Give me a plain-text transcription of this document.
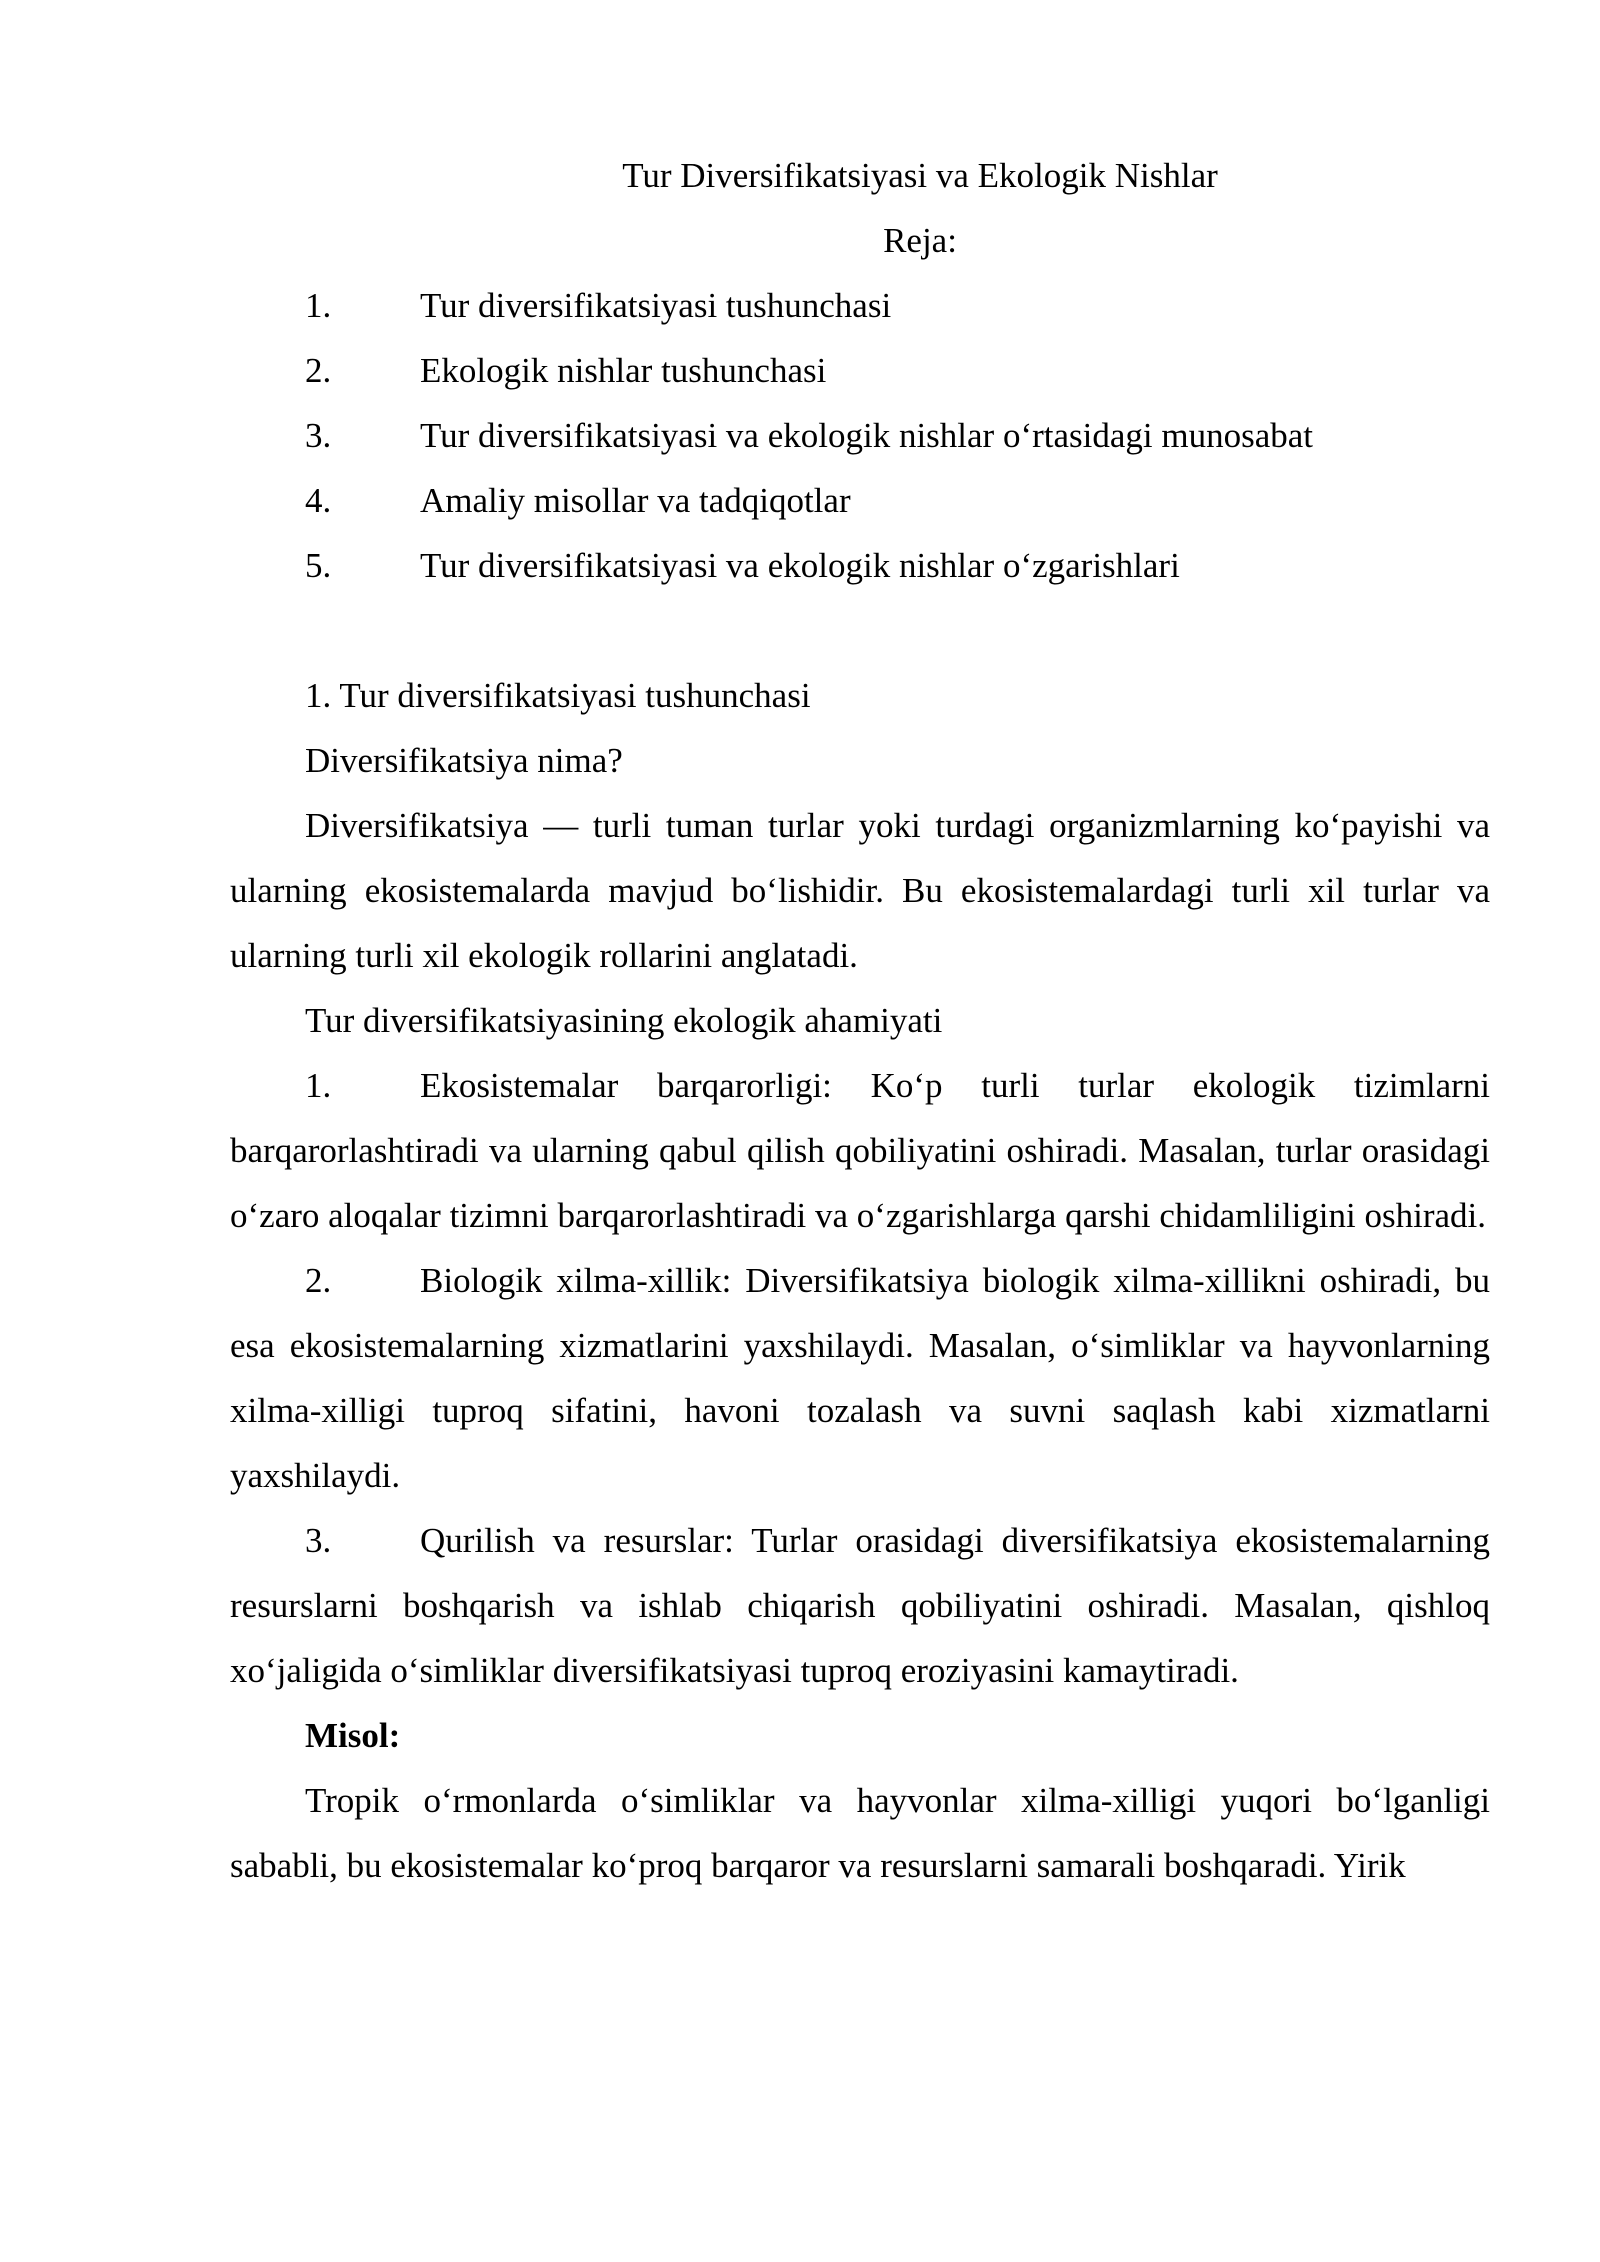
Tur Diversifikatsiyasi va Ekologik Nishlar

Reja:

1.	Tur diversifikatsiyasi tushunchasi
2.	Ekologik nishlar tushunchasi
3.	Tur diversifikatsiyasi va ekologik nishlar o‘rtasidagi munosabat
4.	Amaliy misollar va tadqiqotlar
5.	Tur diversifikatsiyasi va ekologik nishlar o‘zgarishlari

1. Tur diversifikatsiyasi tushunchasi

Diversifikatsiya nima?

Diversifikatsiya — turli tuman turlar yoki turdagi organizmlarning ko‘payishi va ularning ekosistemalarda mavjud bo‘lishidir. Bu ekosistemalardagi turli xil turlar va ularning turli xil ekologik rollarini anglatadi.

Tur diversifikatsiyasining ekologik ahamiyati

1.	Ekosistemalar barqarorligi: Ko‘p turli turlar ekologik tizimlarni barqarorlashtiradi va ularning qabul qilish qobiliyatini oshiradi. Masalan, turlar orasidagi o‘zaro aloqalar tizimni barqarorlashtiradi va o‘zgarishlarga qarshi chidamliligini oshiradi.

2.	Biologik xilma-xillik: Diversifikatsiya biologik xilma-xillikni oshiradi, bu esa ekosistemalarning xizmatlarini yaxshilaydi. Masalan, o‘simliklar va hayvonlarning xilma-xilligi tuproq sifatini, havoni tozalash va suvni saqlash kabi xizmatlarni yaxshilaydi.

3.	Qurilish va resurslar: Turlar orasidagi diversifikatsiya ekosistemalarning resurslarni boshqarish va ishlab chiqarish qobiliyatini oshiradi. Masalan, qishloq xo‘jaligida o‘simliklar diversifikatsiyasi tuproq eroziyasini kamaytiradi.

Misol:

Tropik o‘rmonlarda o‘simliklar va hayvonlar xilma-xilligi yuqori bo‘lganligi sababli, bu ekosistemalar ko‘proq barqaror va resurslarni samarali boshqaradi. Yirik
